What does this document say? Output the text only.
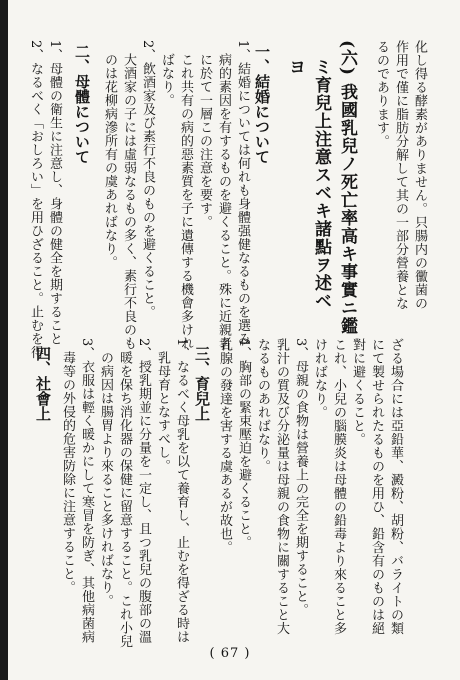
化し得る酵素がありません。只腸内の黴菌の
作用で僅に脂肪分解して其の一部分營養とな
るのであります。
(六) 我國乳兒ノ死亡率高キ事實ニ鑑
ミ育兒上注意スベキ諸點ヲ述ベ
ヨ
一、結婚について
1、結婚については何れも身體强健なるものを選み
病的素因を有するものを避くること。殊に近親者
に於て一層この注意を要す。
これ共有の病的惡素質を子に遺傳する機會多けれ
ばなり。
2、飲酒家及び素行不良のものを避くること。
大酒家の子には虛弱なるもの多く、素行不良のも
のは花柳病滲所有の虞あればなり。
二、母體について
1、母體の衛生に注意し、身體の健全を期すること
2、なるべく「おしろい」を用ひざること。止むを得
ざる場合には亞鉛華、澱粉、胡粉、バライトの類
にて製せられたるものを用ひ、鉛含有のものは絕
對に避くること。
これ、小兒の腦膜炎は母體の鉛毒より來ること多
ければなり。
3、母親の食物は營養上の完全を期すること。
乳汁の質及び分泌量は母親の食物に關すること大
なるものあればなり。
4、胸部の緊束壓迫を避くること。
乳腺の發達を害する虞あるが故也。
三、育兒上
1、なるべく母乳を以て養育し、止むを得ざる時は
乳母育となすべし。
2、授乳期並に分量を一定し、且つ乳兒の腹部の溫
暖を保ち消化器の保健に留意すること。これ小兒
の病因は腸胃より來ること多ければなり。
3、衣服は輕く暖かにして寒冒を防ぎ、其他病菌病
毒等の外侵的危害防除に注意すること。
四、社會上
( 67 )
